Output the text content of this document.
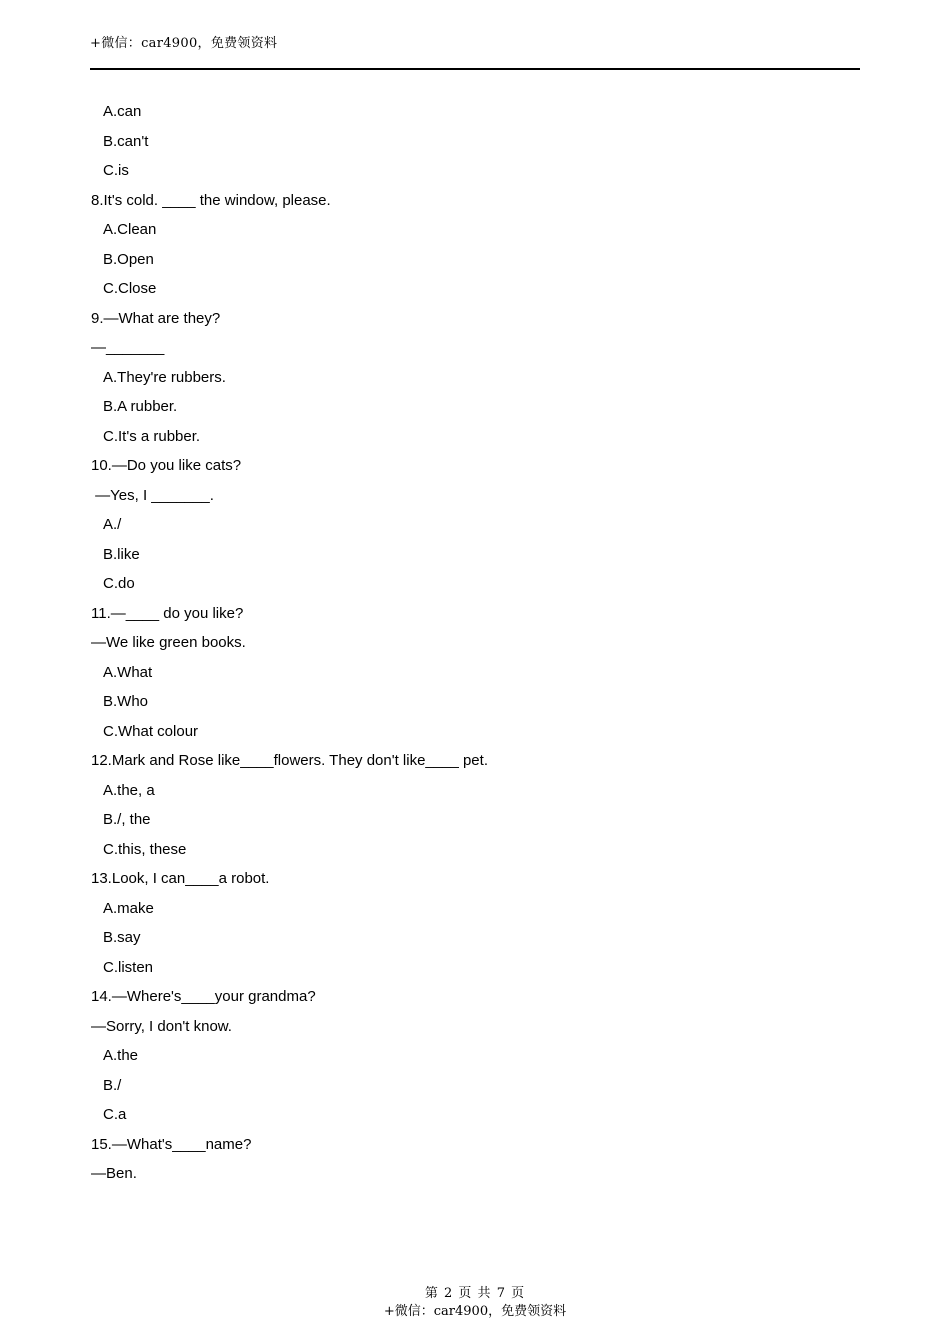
+微信：car4900，免费领资料
A.can
B.can't
C.is
8.It's cold. ____ the window, please.
A.Clean
B.Open
C.Close
9.—What are they?
—_______
A.They're rubbers.
B.A rubber.
C.It's a rubber.
10.—Do you like cats?
—Yes, I _______.
A./
B.like
C.do
11.—____ do you like?
—We like green books.
A.What
B.Who
C.What colour
12.Mark and Rose like____flowers. They don't like____ pet.
A.the, a
B./, the
C.this, these
13.Look, I can____a robot.
A.make
B.say
C.listen
14.—Where's____your grandma?
—Sorry, I don't know.
A.the
B./
C.a
15.—What's____name?
—Ben.
第 2 页 共 7 页
+微信：car4900，免费领资料
